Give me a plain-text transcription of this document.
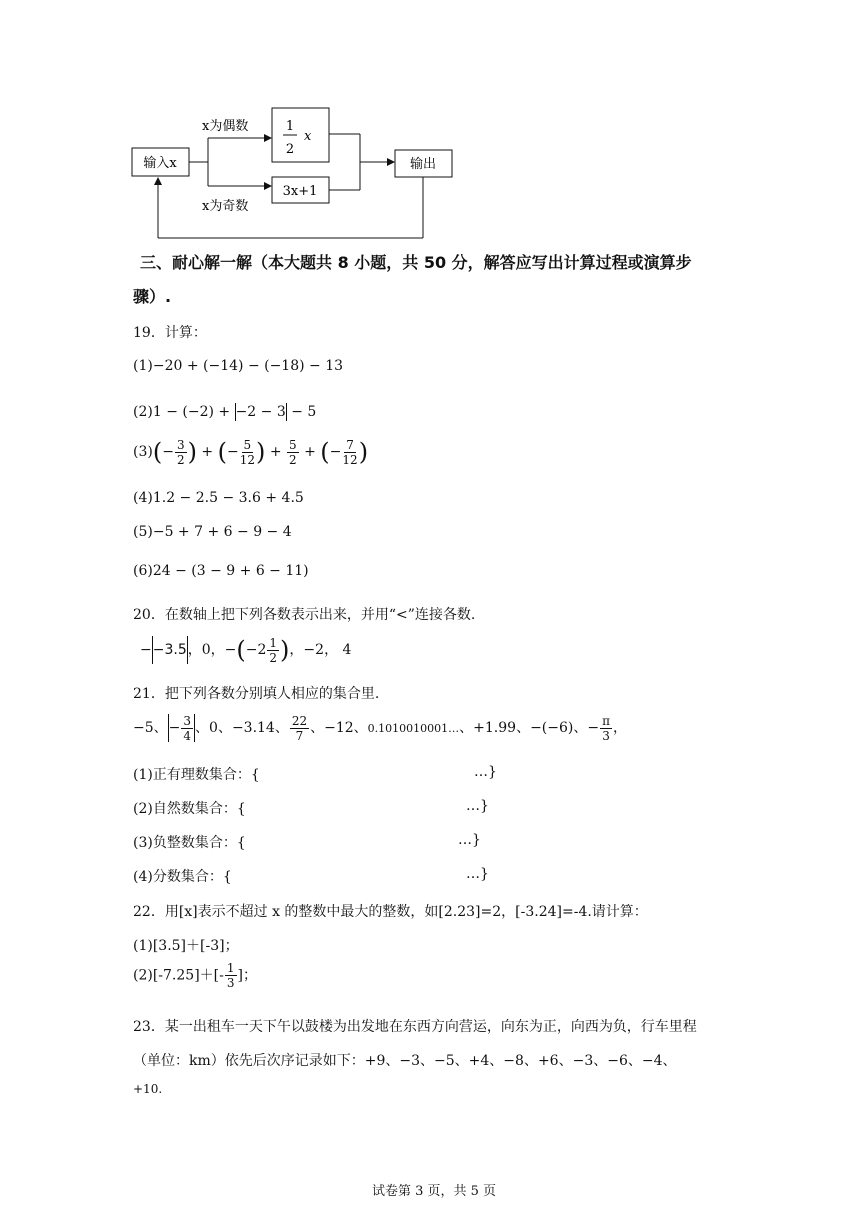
输入x
x为偶数
x为奇数
1
2
x
3x+1
输出
三、耐心解一解（本大题共 8 小题，共 50 分，解答应写出计算过程或演算步
骤）.
19．计算：
(1)−20 + (−14) − (−18) − 13
(2)1 − (−2) + −2 − 3 − 5
$(3)(- \frac{3}{2}$ ) + (− $\frac{5}{12}$ ) + $\frac{5}{2}$ + (− $\frac{7}{12}$ )
(4)1.2 − 2.5 − 3.6 + 4.5
(5)−5 + 7 + 6 − 9 − 4
(6)24 − (3 − 9 + 6 − 11)
20．在数轴上把下列各数表示出来，并用“<”连接各数.
−−3.5，0，$-(-2 \frac{1}{2}$ )，−2， 4
21．把下列各数分别填人相应的集合里.
−5、− $\frac{3}{4}$ 、0、−3.14、 $\frac{22}{7}$ 、−12、0.1010010001…、+1.99、−(−6)、− $\frac{\pi}{3}$ ，
(1)正有理数集合：{	…}
(2)自然数集合：{	…}
(3)负整数集合：{	…}
(4)分数集合：{	…}
22．用[x]表示不超过 x 的整数中最大的整数，如[2.23]=2，[-3.24]=-4.请计算：
(1)[3.5]＋[-3]；
$(2)[-7.25]+[- \frac{1}{3}$ ]；
23．某一出租车一天下午以鼓楼为出发地在东西方向营运，向东为正，向西为负，行车里程
（单位：km）依先后次序记录如下：+9、−3、−5、+4、−8、+6、−3、−6、−4、
+10.
试卷第 3 页，共 5 页
